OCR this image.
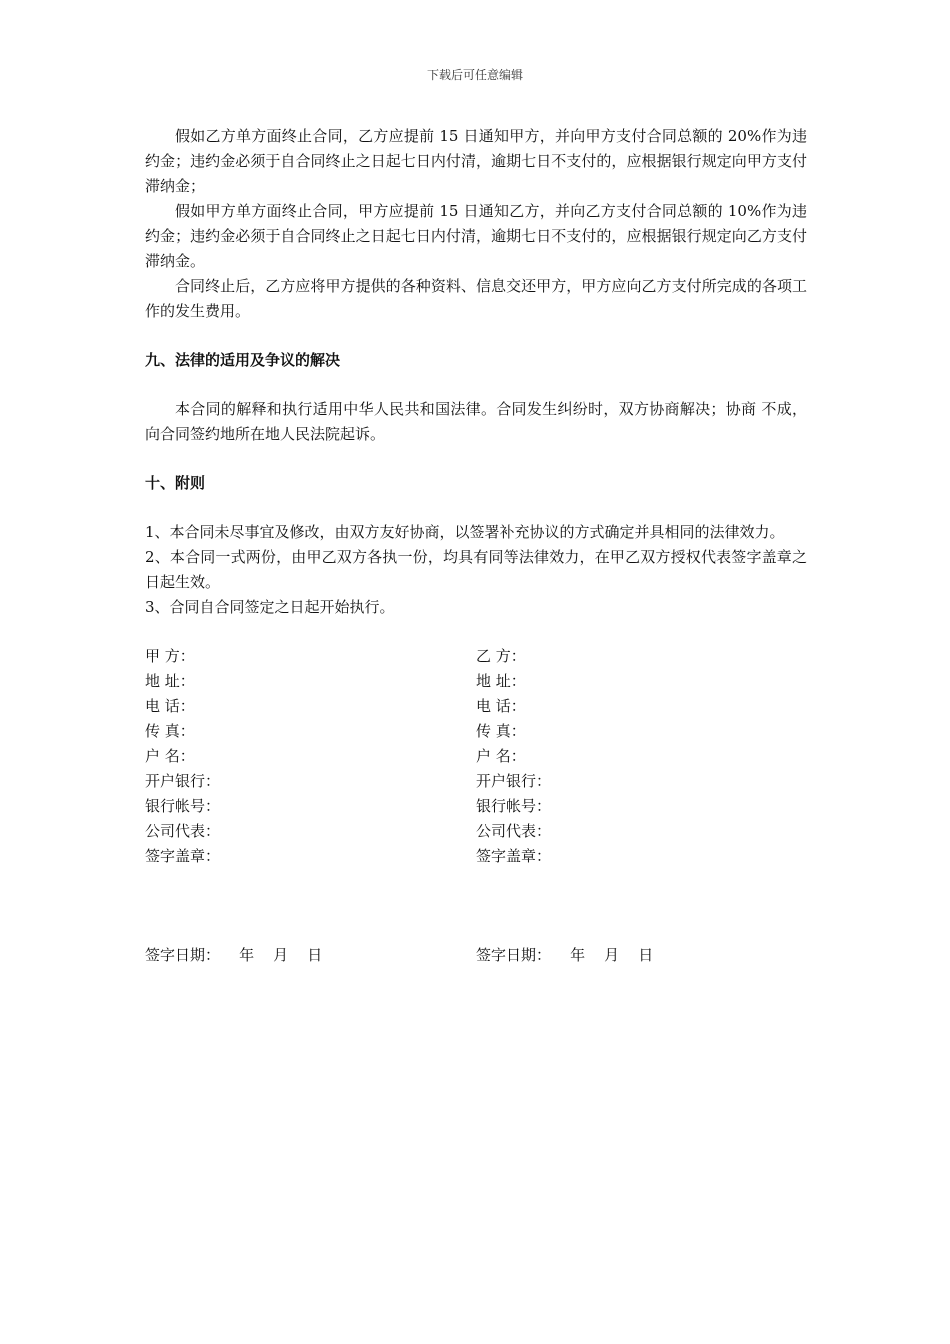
下载后可任意编辑

假如乙方单方面终止合同，乙方应提前 15 日通知甲方，并向甲方支付合同总额的 20%作为违约金；违约金必须于自合同终止之日起七日内付清，逾期七日不支付的，应根据银行规定向甲方支付滞纳金；

假如甲方单方面终止合同，甲方应提前 15 日通知乙方，并向乙方支付合同总额的 10%作为违约金；违约金必须于自合同终止之日起七日内付清，逾期七日不支付的，应根据银行规定向乙方支付滞纳金。

合同终止后，乙方应将甲方提供的各种资料、信息交还甲方，甲方应向乙方支付所完成的各项工作的发生费用。

九、法律的适用及争议的解决

本合同的解释和执行适用中华人民共和国法律。合同发生纠纷时，双方协商解决；协商 不成，向合同签约地所在地人民法院起诉。

十、附则

1、本合同未尽事宜及修改，由双方友好协商，以签署补充协议的方式确定并具相同的法律效力。

2、本合同一式两份，由甲乙双方各执一份，均具有同等法律效力，在甲乙双方授权代表签字盖章之日起生效。

3、合同自合同签定之日起开始执行。

甲 方：
地 址：
电 话：
传 真：
户 名：
开户银行：
银行帐号：
公司代表：
签字盖章：
乙 方：
地 址：
电 话：
传 真：
户 名：
开户银行：
银行帐号：
公司代表：
签字盖章：
签字日期：    年    月    日	签字日期：    年    月    日
